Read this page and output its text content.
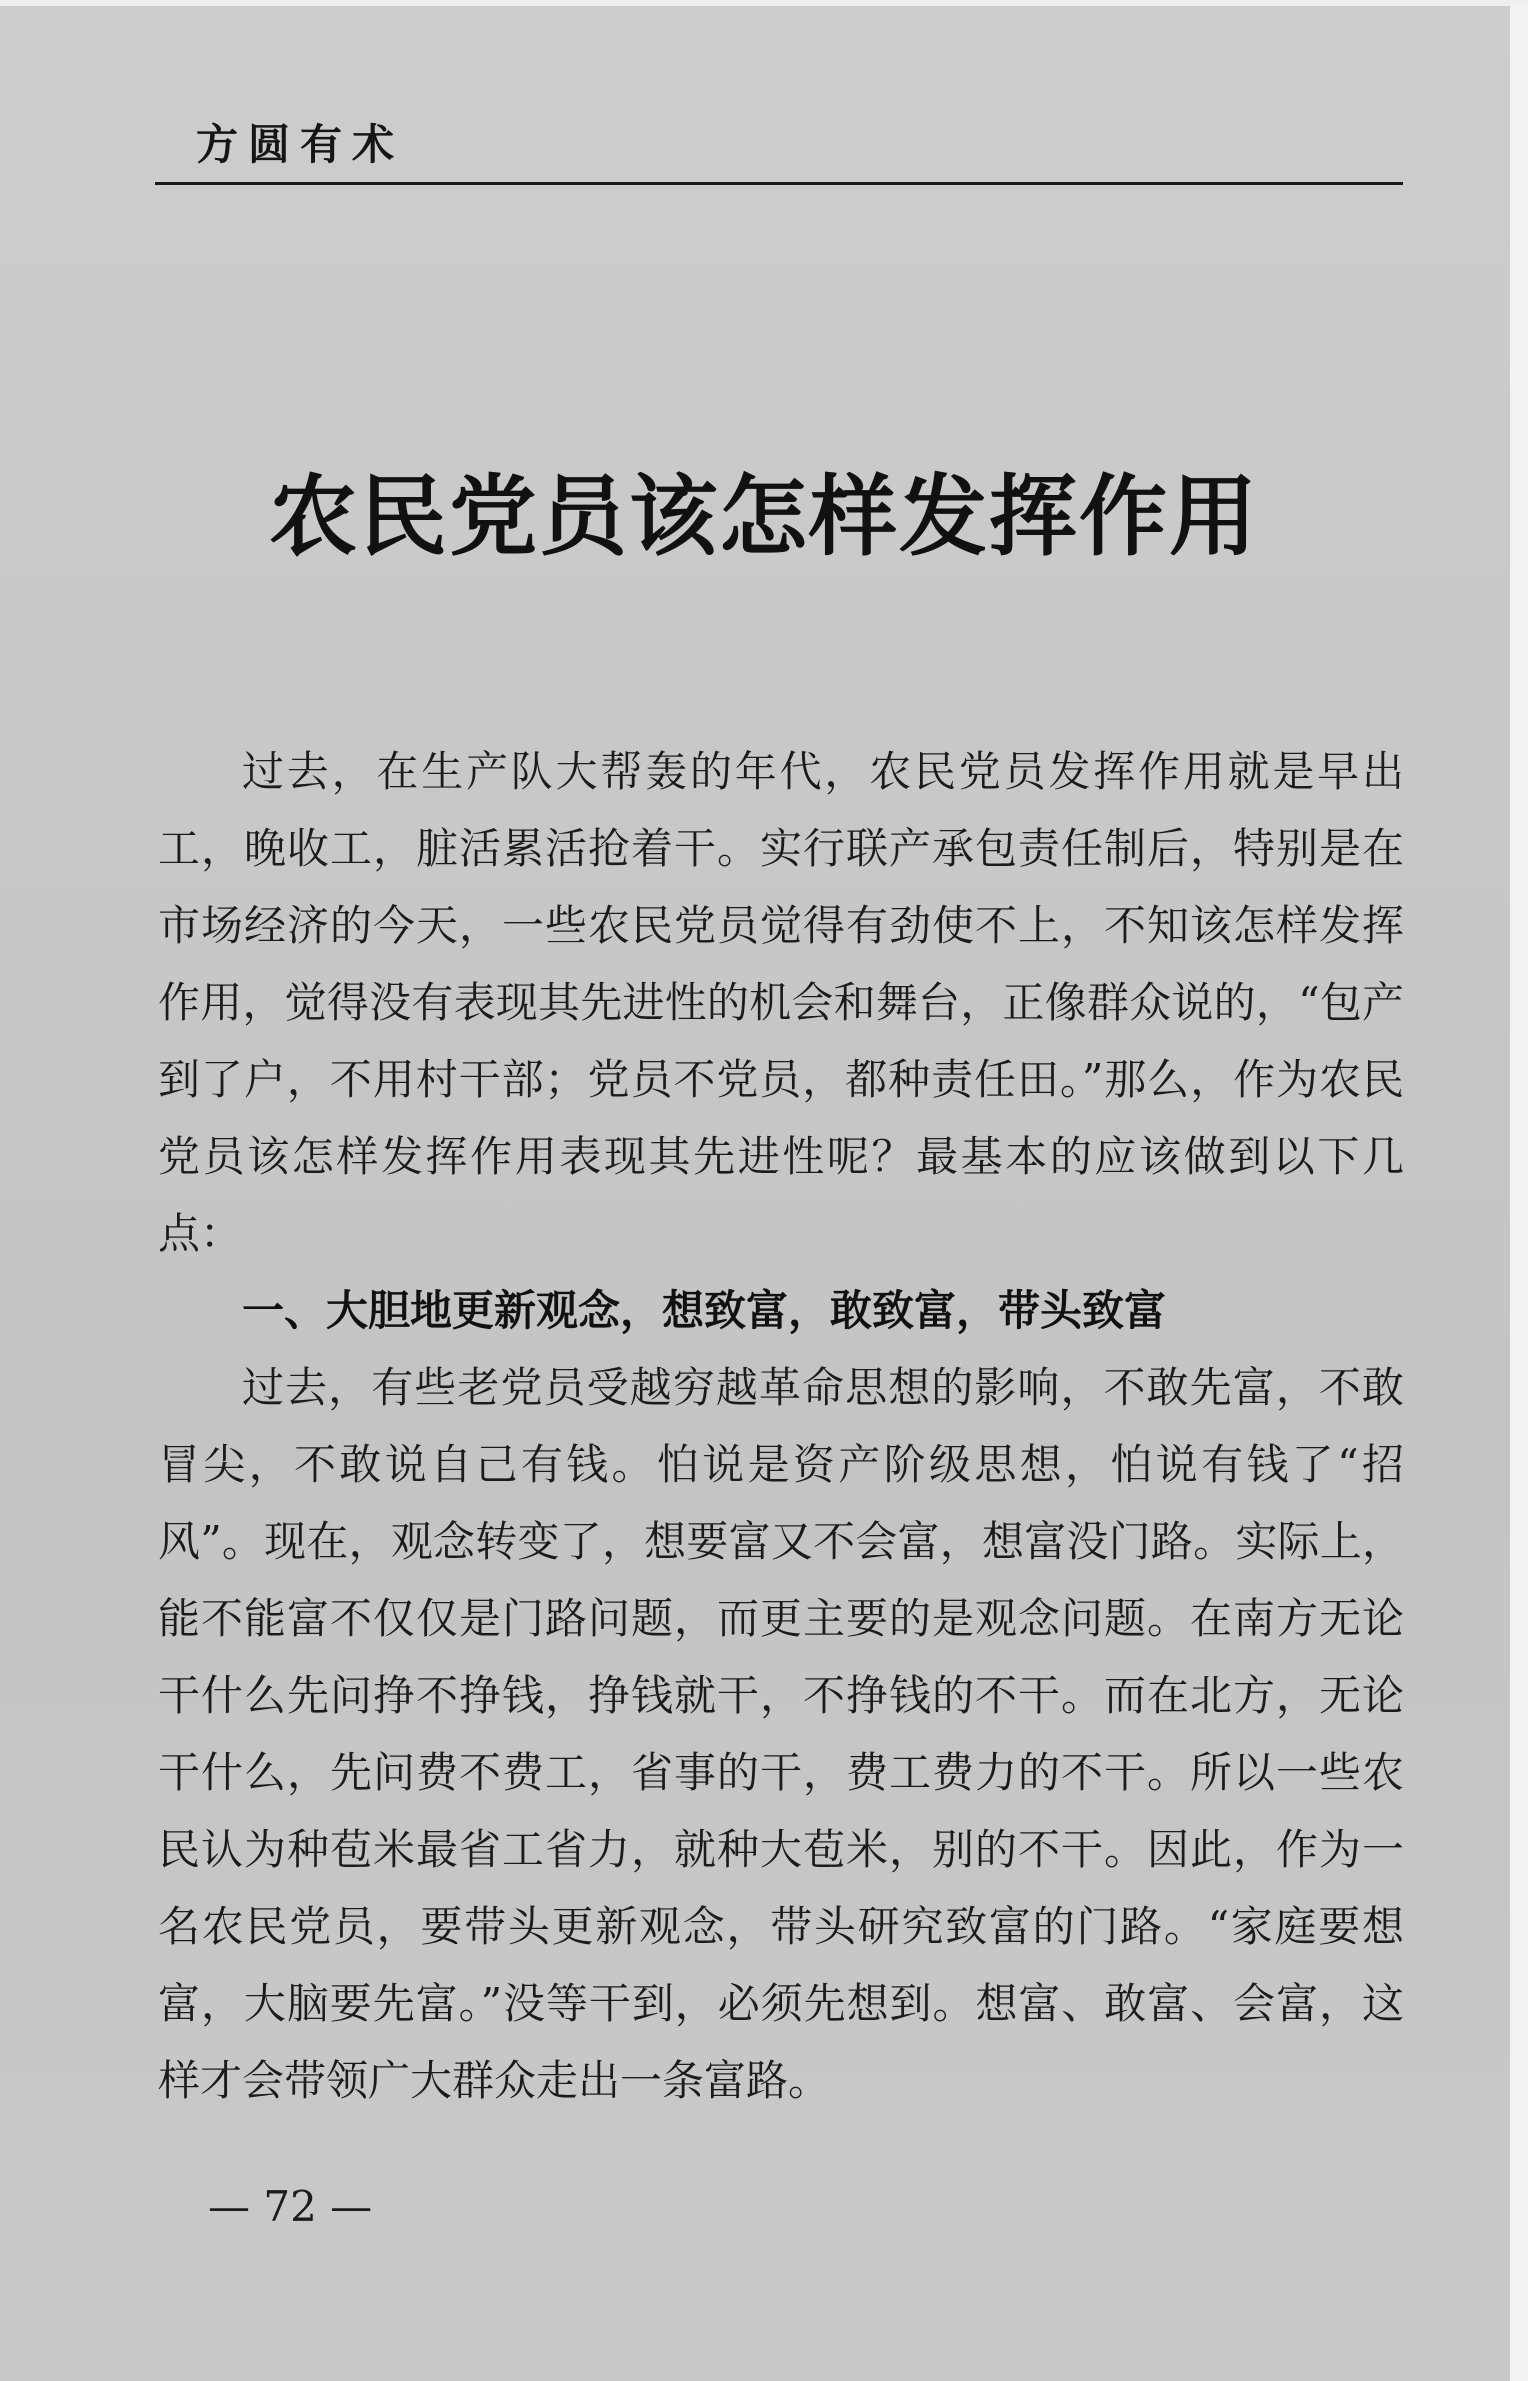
方圆有术
农民党员该怎样发挥作用

过去，在生产队大帮轰的年代，农民党员发挥作用就是早出工，晚收工，脏活累活抢着干。实行联产承包责任制后，特别是在市场经济的今天，一些农民党员觉得有劲使不上，不知该怎样发挥作用，觉得没有表现其先进性的机会和舞台，正像群众说的，“包产到了户，不用村干部；党员不党员，都种责任田。”那么，作为农民党员该怎样发挥作用表现其先进性呢？最基本的应该做到以下几点：

一、大胆地更新观念，想致富，敢致富，带头致富

过去，有些老党员受越穷越革命思想的影响，不敢先富，不敢冒尖，不敢说自己有钱。怕说是资产阶级思想，怕说有钱了“招风”。现在，观念转变了，想要富又不会富，想富没门路。实际上，能不能富不仅仅是门路问题，而更主要的是观念问题。在南方无论干什么先问挣不挣钱，挣钱就干，不挣钱的不干。而在北方，无论干什么，先问费不费工，省事的干，费工费力的不干。所以一些农民认为种苞米最省工省力，就种大苞米，别的不干。因此，作为一名农民党员，要带头更新观念，带头研究致富的门路。“家庭要想富，大脑要先富。”没等干到，必须先想到。想富、敢富、会富，这样才会带领广大群众走出一条富路。

— 72 —
